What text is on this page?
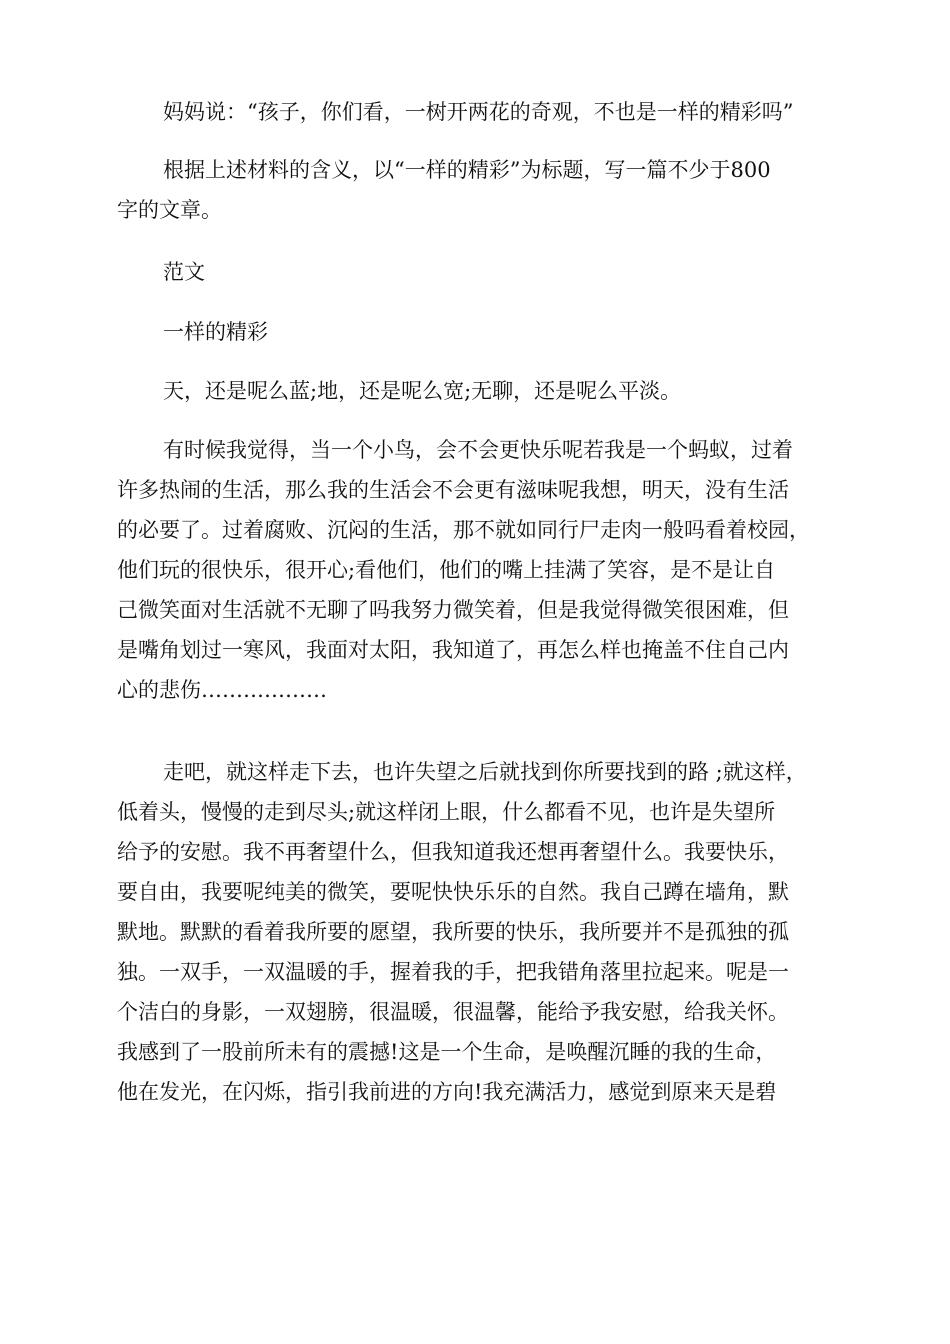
妈妈说：“孩子，你们看，一树开两花的奇观，不也是一样的精彩吗”

根据上述材料的含义，以“一样的精彩”为标题，写一篇不少于800
字的文章。

范文

一样的精彩

天，还是呢么蓝;地，还是呢么宽;无聊，还是呢么平淡。

有时候我觉得，当一个小鸟，会不会更快乐呢若我是一个蚂蚁，过着
许多热闹的生活，那么我的生活会不会更有滋味呢我想，明天，没有生活
的必要了。过着腐败、沉闷的生活，那不就如同行尸走肉一般吗看着校园，
他们玩的很快乐，很开心;看他们，他们的嘴上挂满了笑容，是不是让自
己微笑面对生活就不无聊了吗我努力微笑着，但是我觉得微笑很困难，但
是嘴角划过一寒风，我面对太阳，我知道了，再怎么样也掩盖不住自己内
心的悲伤………………

走吧，就这样走下去，也许失望之后就找到你所要找到的路 ;就这样，
低着头，慢慢的走到尽头;就这样闭上眼，什么都看不见，也许是失望所
给予的安慰。我不再奢望什么，但我知道我还想再奢望什么。我要快乐，
要自由，我要呢纯美的微笑，要呢快快乐乐的自然。我自己蹲在墙角，默
默地。默默的看着我所要的愿望，我所要的快乐，我所要并不是孤独的孤
独。一双手，一双温暖的手，握着我的手，把我错角落里拉起来。呢是一
个洁白的身影，一双翅膀，很温暖，很温馨，能给予我安慰，给我关怀。
我感到了一股前所未有的震撼!这是一个生命，是唤醒沉睡的我的生命，
他在发光，在闪烁，指引我前进的方向!我充满活力，感觉到原来天是碧
